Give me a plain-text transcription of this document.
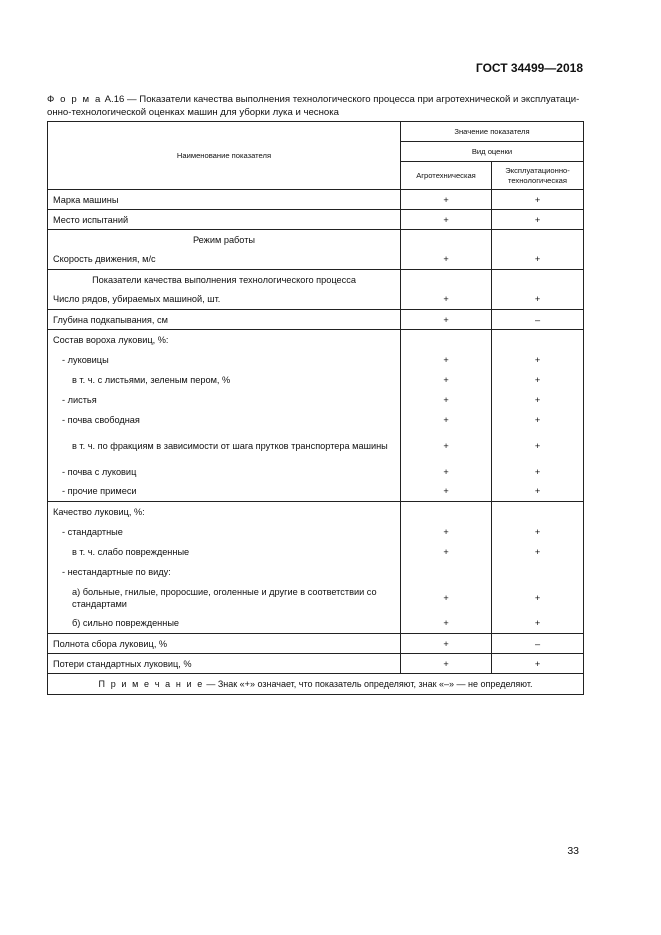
ГОСТ 34499—2018
Ф о р м а А.16 — Показатели качества выполнения технологического процесса при агротехнической и эксплуатаци-онно-технологической оценках машин для уборки лука и чеснока
Наименование показателя	Значение показателя	
	Вид оценки	
	Агротехническая	Эксплуатационно-технологическая
Марка машины	+	+
Место испытаний	+	+
Режим работы		
Скорость движения, м/с	+	+
Показатели качества выполнения технологического процесса		
Число рядов, убираемых машиной, шт.	+	+
Глубина подкапывания, см	+	–
Состав вороха луковиц, %:		
- луковицы	+	+
в т. ч. с листьями, зеленым пером, %	+	+
- листья	+	+
- почва свободная	+	+
в т. ч. по фракциям в зависимости от шага прутков транспортера машины	+	+
- почва с луковиц	+	+
- прочие примеси	+	+
Качество луковиц, %:		
- стандартные	+	+
в т. ч. слабо поврежденные	+	+
- нестандартные по виду:		
а) больные, гнилые, проросшие, оголенные и другие в соответствии со стандартами	+	+
б) сильно поврежденные	+	+
Полнота сбора луковиц, %	+	–
Потери стандартных луковиц, %	+	+
П р и м е ч а н и е — Знак «+» означает, что показатель определяют, знак «–» — не определяют.		
33
